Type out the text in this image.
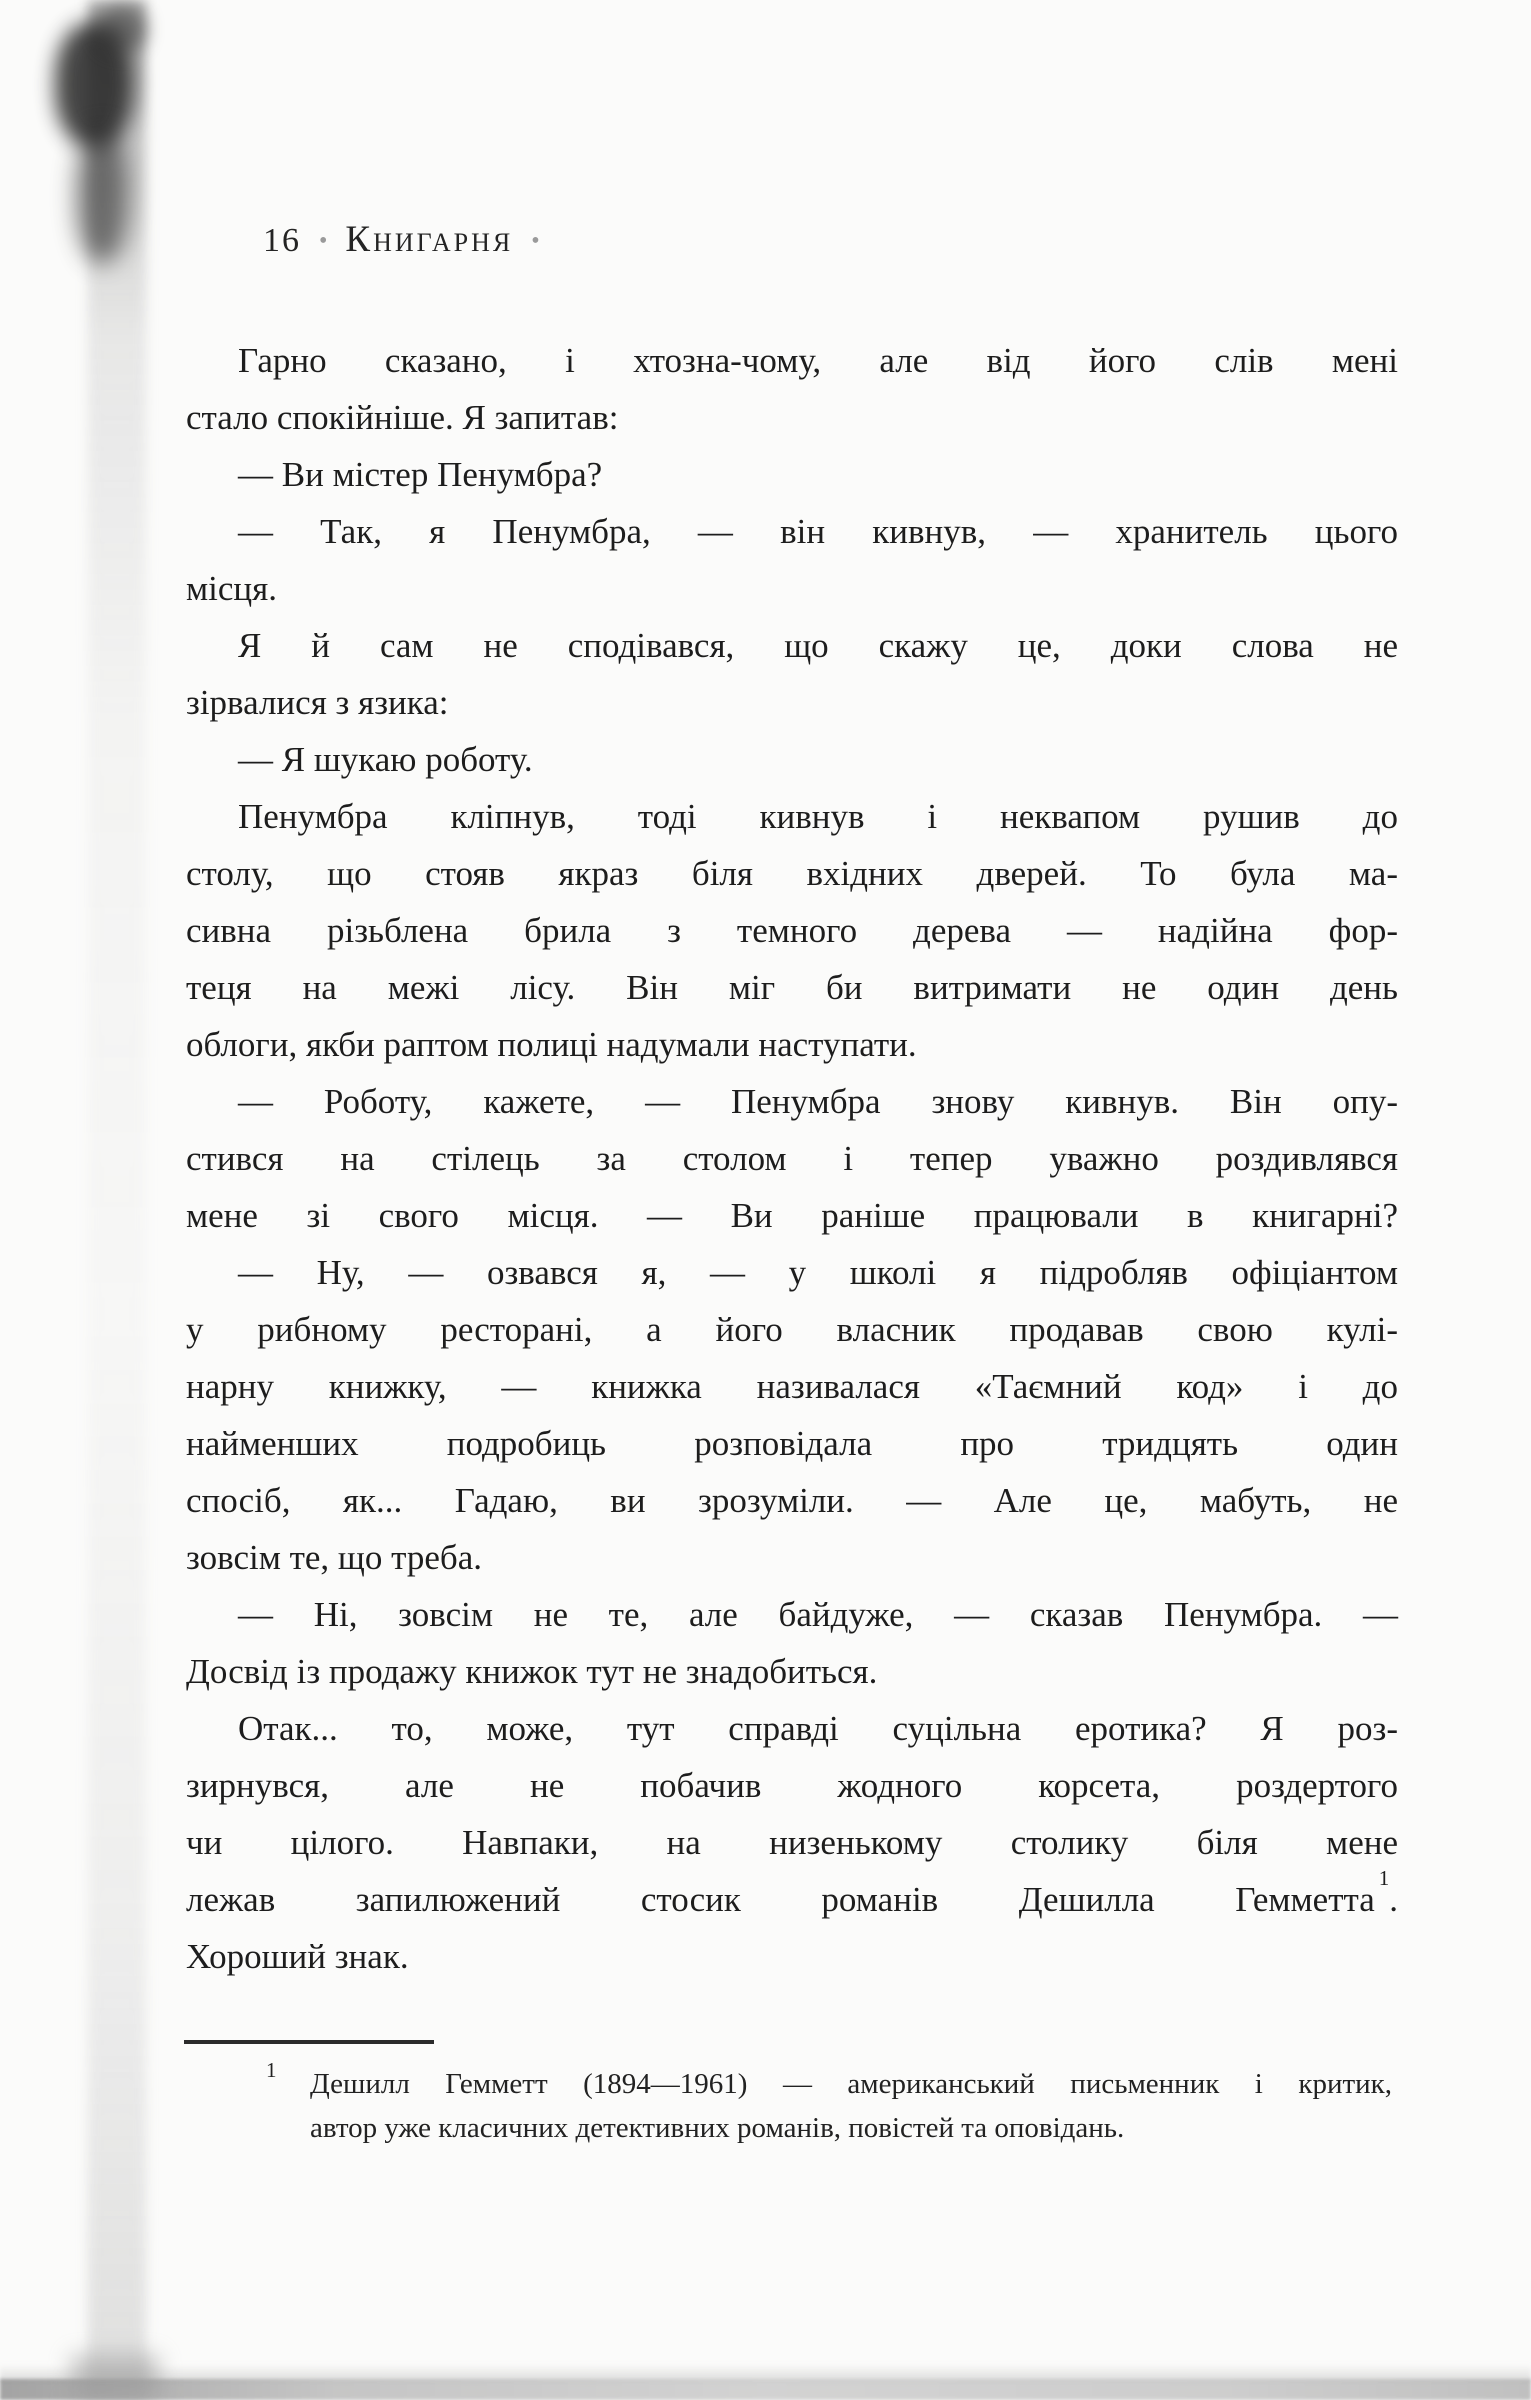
16 • Книгарня •
Гарно сказано, і хтозна-чому, але від його слів мені
стало спокійніше. Я запитав:
— Ви містер Пенумбра?
— Так, я Пенумбра, — він кивнув, — хранитель цього
місця.
Я й сам не сподівався, що скажу це, доки слова не
зірвалися з язика:
— Я шукаю роботу.
Пенумбра кліпнув, тоді кивнув і неквапом рушив до
столу, що стояв якраз біля вхідних дверей. То була ма-
сивна різьблена брила з темного дерева — надійна фор-
теця на межі лісу. Він міг би витримати не один день
облоги, якби раптом полиці надумали наступати.
— Роботу, кажете, — Пенумбра знову кивнув. Він опу-
стився на стілець за столом і тепер уважно роздивлявся
мене зі свого місця. — Ви раніше працювали в книгарні?
— Ну, — озвався я, — у школі я підробляв офіціантом
у рибному ресторані, а його власник продавав свою кулі-
нарну книжку, — книжка називалася «Таємний код» і до
найменших подробиць розповідала про тридцять один
спосіб, як... Гадаю, ви зрозуміли. — Але це, мабуть, не
зовсім те, що треба.
— Ні, зовсім не те, але байдуже, — сказав Пенумбра. —
Досвід із продажу книжок тут не знадобиться.
Отак... то, може, тут справді суцільна еротика? Я роз-
зирнувся, але не побачив жодного корсета, роздертого
чи цілого. Навпаки, на низенькому столику біля мене
лежав запилюжений стосик романів Дешилла Гемметта$^1$.
Хороший знак.
1 Дешилл Гемметт (1894—1961) — американський письменник і критик,
автор уже класичних детективних романів, повістей та оповідань.
